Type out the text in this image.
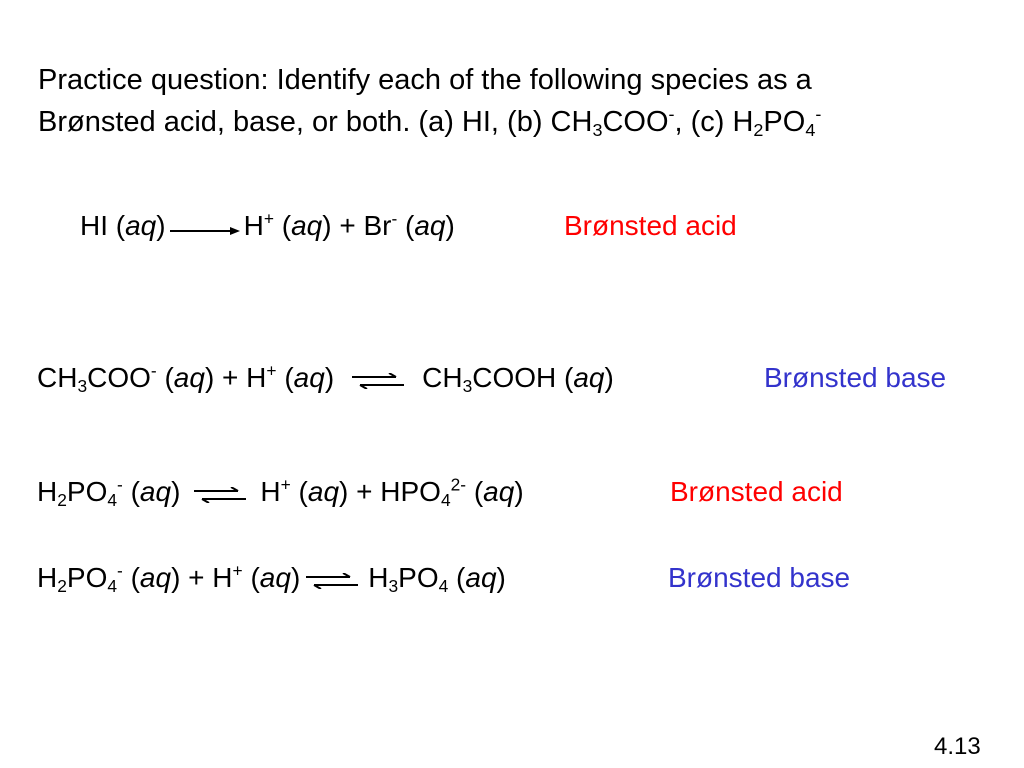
Practice question: Identify each of the following species as a
Brønsted acid, base, or both. (a) HI, (b) $CH_3COO^-$, (c) $H_2PO_4^-$
HI (aq)	H+ (aq) + Br- (aq)	Brønsted acid
$CH_3COO^-$ (aq) + H+ (aq) ⇌ $CH_3COOH$ (aq)	Brønsted base
$H_2PO_4^-$ (aq) ⇌ H+ $(aq) + HPO_4^{2-}$ (aq)	Brønsted acid
$H_2PO_4^-$ (aq) + H+ (aq) ⇌ $H_3PO_4$ (aq)	Brønsted base
4.13
